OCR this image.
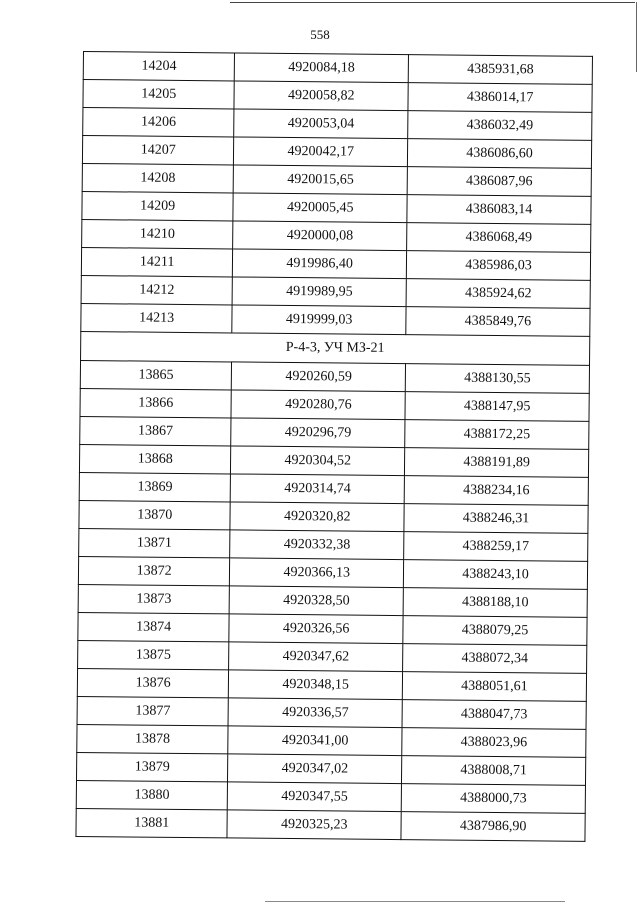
558
14204	4920084,18	4385931,68
14205	4920058,82	4386014,17
14206	4920053,04	4386032,49
14207	4920042,17	4386086,60
14208	4920015,65	4386087,96
14209	4920005,45	4386083,14
14210	4920000,08	4386068,49
14211	4919986,40	4385986,03
14212	4919989,95	4385924,62
14213	4919999,03	4385849,76
Р-4-3, УЧ МЗ-21		
13865	4920260,59	4388130,55
13866	4920280,76	4388147,95
13867	4920296,79	4388172,25
13868	4920304,52	4388191,89
13869	4920314,74	4388234,16
13870	4920320,82	4388246,31
13871	4920332,38	4388259,17
13872	4920366,13	4388243,10
13873	4920328,50	4388188,10
13874	4920326,56	4388079,25
13875	4920347,62	4388072,34
13876	4920348,15	4388051,61
13877	4920336,57	4388047,73
13878	4920341,00	4388023,96
13879	4920347,02	4388008,71
13880	4920347,55	4388000,73
13881	4920325,23	4387986,90
